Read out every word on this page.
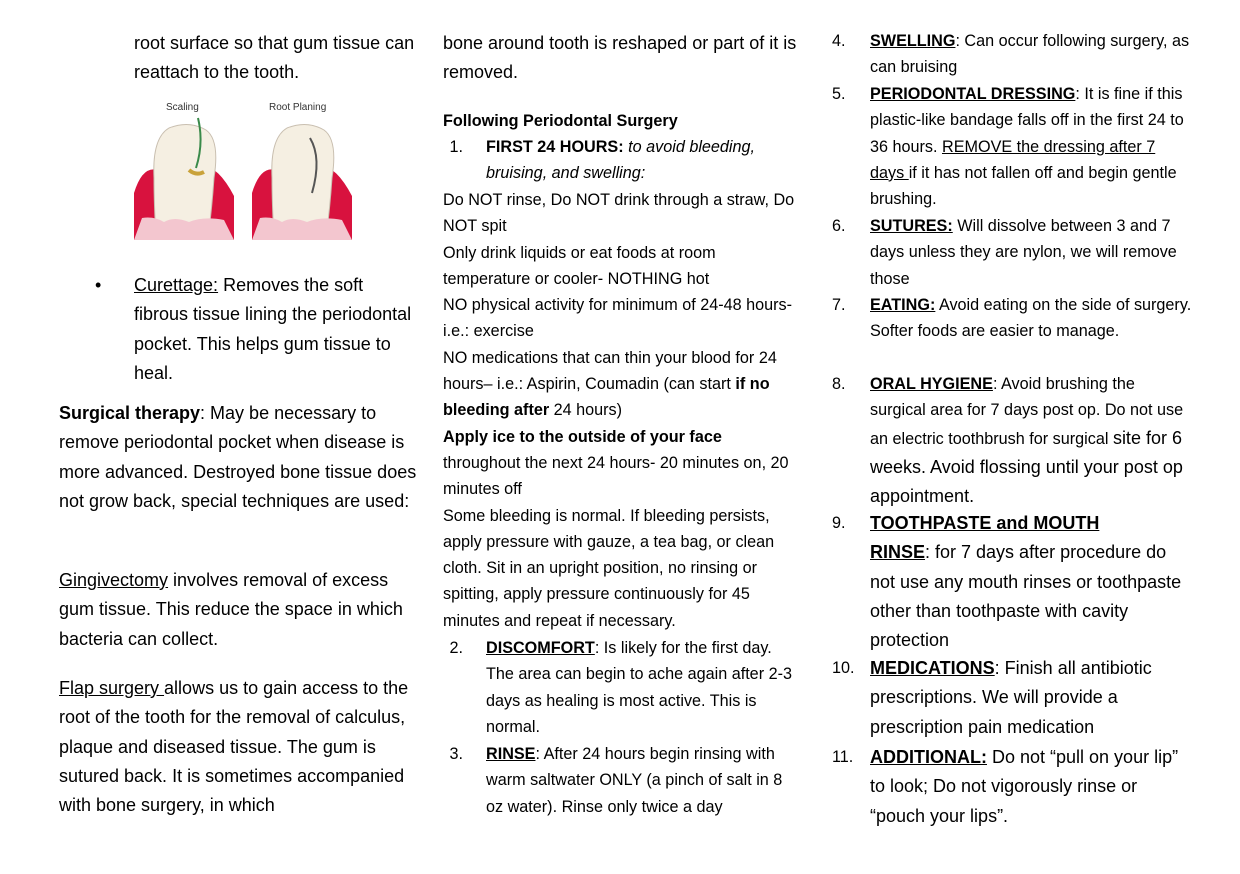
root surface so that gum tissue can reattach to the tooth.
Scaling	Root Planing
• Curettage: Removes the soft fibrous tissue lining the periodontal pocket. This helps gum tissue to heal.
Surgical therapy: May be necessary to remove periodontal pocket when disease is more advanced. Destroyed bone tissue does not grow back, special techniques are used:
Gingivectomy involves removal of excess gum tissue. This reduce the space in which bacteria can collect.
Flap surgery allows us to gain access to the root of the tooth for the removal of calculus, plaque and diseased tissue. The gum is sutured back. It is sometimes accompanied with bone surgery, in which
bone around tooth is reshaped or part of it is removed.
Following Periodontal Surgery
1. FIRST 24 HOURS: to avoid bleeding, bruising, and swelling:
Do NOT rinse, Do NOT drink through a straw, Do NOT spit
Only drink liquids or eat foods at room temperature or cooler- NOTHING hot
NO physical activity for minimum of 24-48 hours- i.e.: exercise
NO medications that can thin your blood for 24 hours– i.e.: Aspirin, Coumadin (can start if no bleeding after 24 hours)
Apply ice to the outside of your face throughout the next 24 hours- 20 minutes on, 20 minutes off
Some bleeding is normal. If bleeding persists, apply pressure with gauze, a tea bag, or clean cloth. Sit in an upright position, no rinsing or spitting, apply pressure continuously for 45 minutes and repeat if necessary.
2. DISCOMFORT: Is likely for the first day. The area can begin to ache again after 2-3 days as healing is most active. This is normal.
3. RINSE: After 24 hours begin rinsing with warm saltwater ONLY (a pinch of salt in 8 oz water). Rinse only twice a day
4. SWELLING: Can occur following surgery, as can bruising
5. PERIODONTAL DRESSING: It is fine if this plastic-like bandage falls off in the first 24 to 36 hours. REMOVE the dressing after 7 days if it has not fallen off and begin gentle brushing.
6. SUTURES: Will dissolve between 3 and 7 days unless they are nylon, we will remove those
7. EATING: Avoid eating on the side of surgery. Softer foods are easier to manage.
8. ORAL HYGIENE: Avoid brushing the surgical area for 7 days post op. Do not use an electric toothbrush for surgical site for 6 weeks. Avoid flossing until your post op appointment.
9. TOOTHPASTE and MOUTH
RINSE: for 7 days after procedure do not use any mouth rinses or toothpaste other than toothpaste with cavity protection
10. MEDICATIONS: Finish all antibiotic prescriptions. We will provide a prescription pain medication
11. ADDITIONAL: Do not “pull on your lip” to look; Do not vigorously rinse or “pouch your lips”.
